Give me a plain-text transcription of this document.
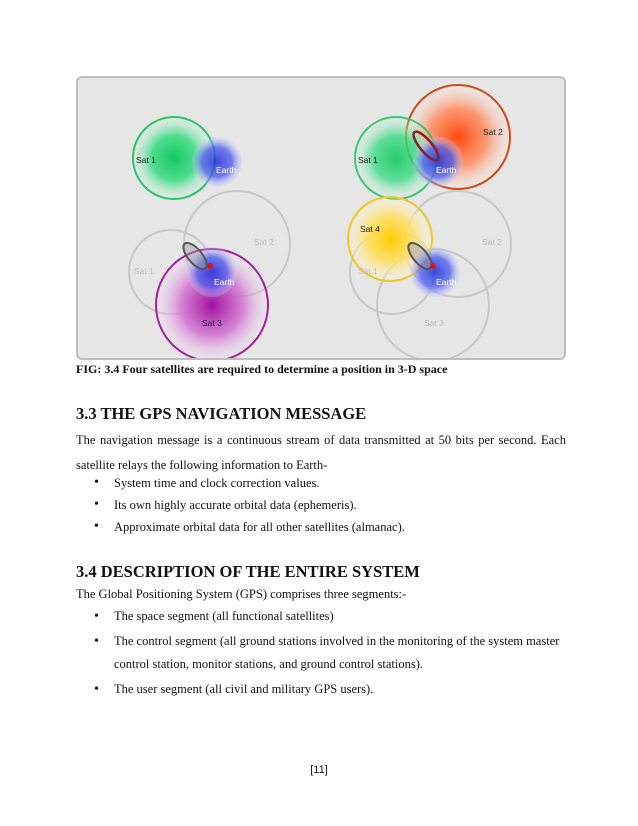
Sat 1
Earth
Sat 1
Sat 2
Earth
Sat 1
Sat 2
Sat 3
Earth
Sat 4
Sat 1
Sat 2
Sat 3
Earth
FIG: 3.4 Four satellites are required to determine a position in 3-D space
3.3 THE GPS NAVIGATION MESSAGE

The navigation message is a continuous stream of data transmitted at 50 bits per second. Each satellite relays the following information to Earth-

• System time and clock correction values.
• Its own highly accurate orbital data (ephemeris).
• Approximate orbital data for all other satellites (almanac).
3.4 DESCRIPTION OF THE ENTIRE SYSTEM

The Global Positioning System (GPS) comprises three segments:-

• The space segment (all functional satellites)
• The control segment (all ground stations involved in the monitoring of the system master control station, monitor stations, and ground control stations).
• The user segment (all civil and military GPS users).
[11]
